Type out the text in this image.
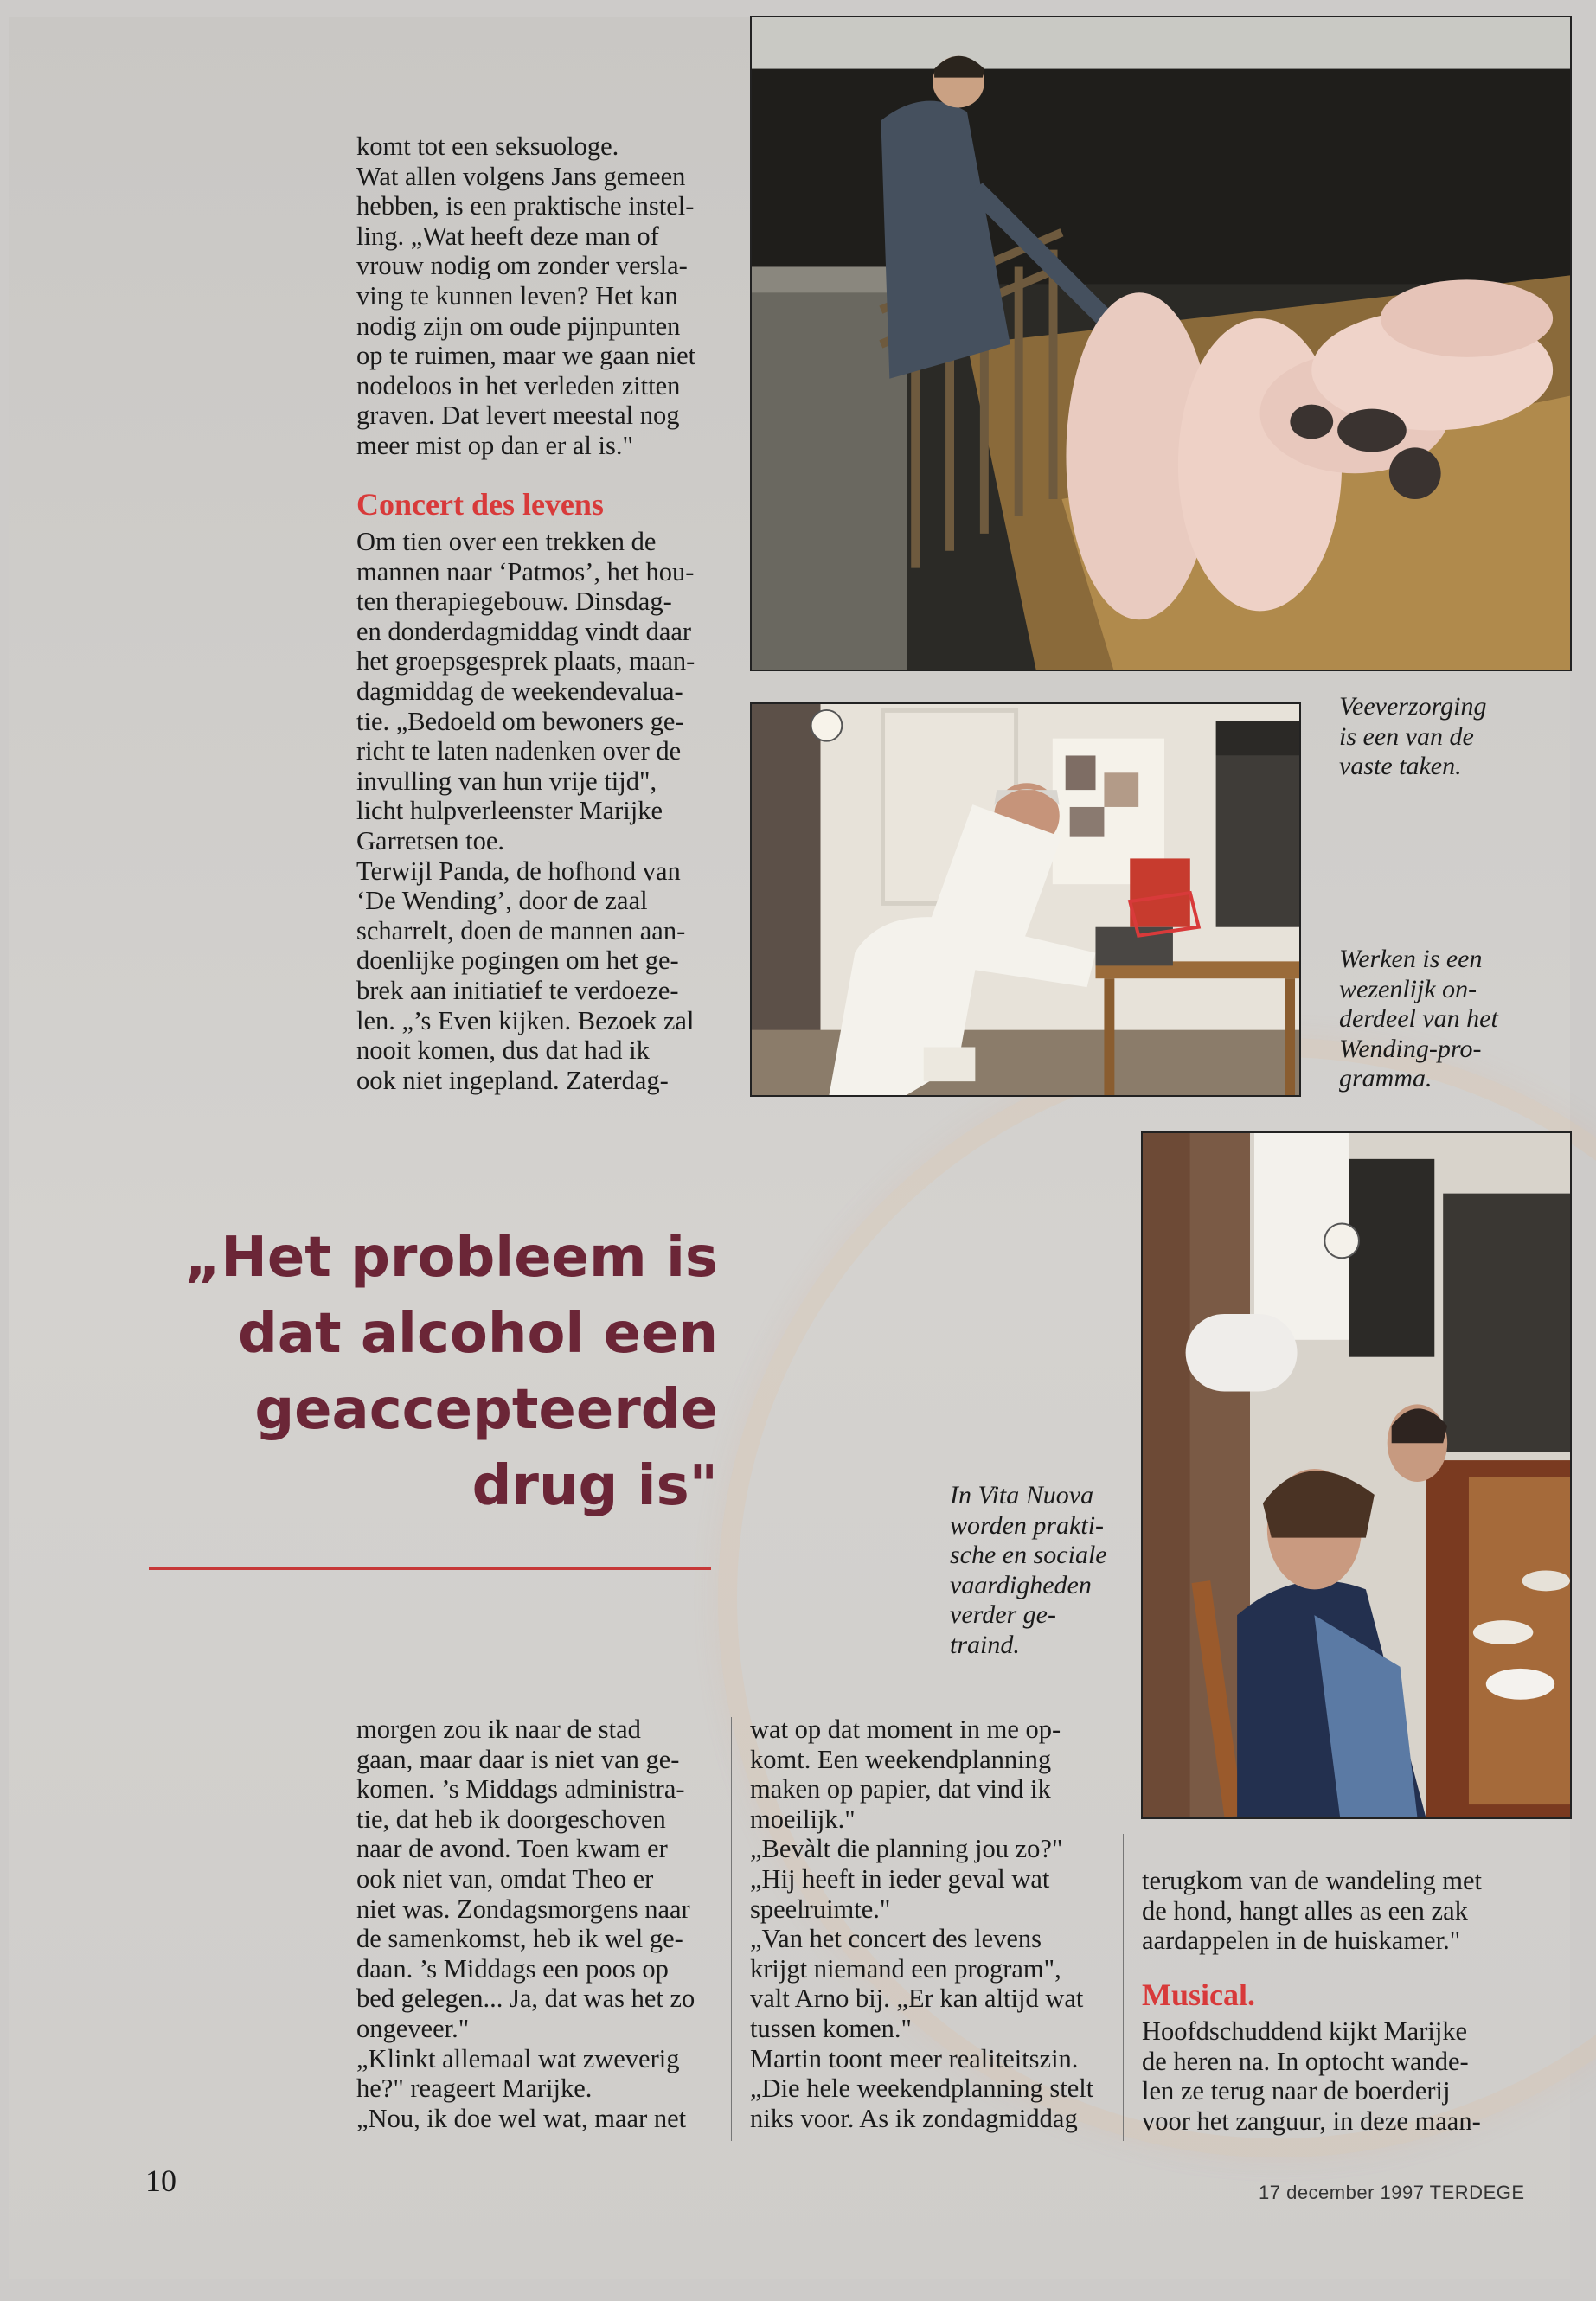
komt tot een seksuologe.
Wat allen volgens Jans gemeen
hebben, is een praktische instel-
ling. „Wat heeft deze man of
vrouw nodig om zonder versla-
ving te kunnen leven? Het kan
nodig zijn om oude pijnpunten
op te ruimen, maar we gaan niet
nodeloos in het verleden zitten
graven. Dat levert meestal nog
meer mist op dan er al is."

Concert des levens

Om tien over een trekken de
mannen naar ‘Patmos’, het hou-
ten therapiegebouw. Dinsdag-
en donderdagmiddag vindt daar
het groepsgesprek plaats, maan-
dagmiddag de weekendevalua-
tie. „Bedoeld om bewoners ge-
richt te laten nadenken over de
invulling van hun vrije tijd",
licht hulpverleenster Marijke
Garretsen toe.
Terwijl Panda, de hofhond van
‘De Wending’, door de zaal
scharrelt, doen de mannen aan-
doenlijke pogingen om het ge-
brek aan initiatief te verdoeze-
len. „’s Even kijken. Bezoek zal
nooit komen, dus dat had ik
ook niet ingepland. Zaterdag-

Veeverzorging
is een van de
vaste taken.

Werken is een
wezenlijk on-
derdeel van het
Wending-pro-
gramma.

„Het probleem is
dat alcohol een
geaccepteerde
drug is"	In Vita Nuova
worden prakti-
sche en sociale
vaardigheden
verder ge-
traind.

morgen zou ik naar de stad
gaan, maar daar is niet van ge-
komen. ’s Middags administra-
tie, dat heb ik doorgeschoven
naar de avond. Toen kwam er
ook niet van, omdat Theo er
niet was. Zondagsmorgens naar
de samenkomst, heb ik wel ge-
daan. ’s Middags een poos op
bed gelegen... Ja, dat was het zo
ongeveer."
„Klinkt allemaal wat zweverig
he?" reageert Marijke.
„Nou, ik doe wel wat, maar net

wat op dat moment in me op-
komt. Een weekendplanning
maken op papier, dat vind ik
moeilijk."
„Bevàlt die planning jou zo?"
„Hij heeft in ieder geval wat
speelruimte."
„Van het concert des levens
krijgt niemand een program",
valt Arno bij. „Er kan altijd wat
tussen komen."
Martin toont meer realiteitszin.
„Die hele weekendplanning stelt
niks voor. As ik zondagmiddag

terugkom van de wandeling met
de hond, hangt alles as een zak
aardappelen in de huiskamer."

Musical.

Hoofdschuddend kijkt Marijke
de heren na. In optocht wande-
len ze terug naar de boerderij
voor het zanguur, in deze maan-

10	17 december 1997 TERDEGE
